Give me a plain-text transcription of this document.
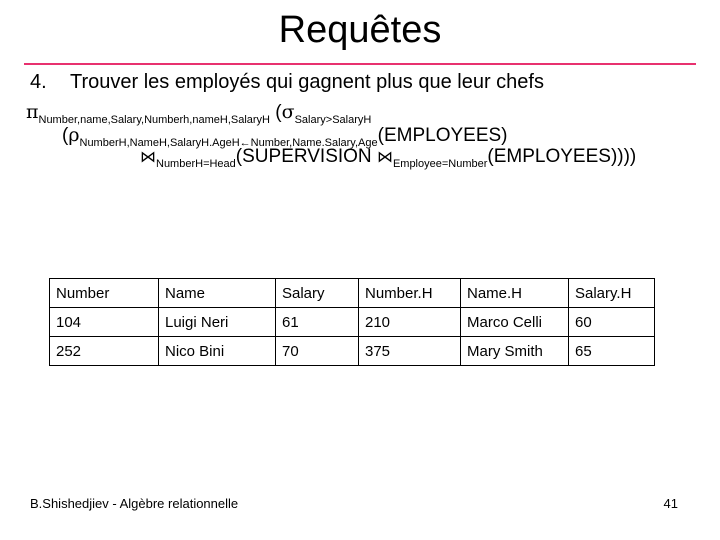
Requêtes
4. Trouver les employés qui gagnent plus que leur chefs
$\pi_{Number,name,Salary,Numberh,nameH,SalaryH}$ ($\sigma_{Salary>SalaryH}$
($\rho_{NumberH,NameH,SalaryH.AgeH\leftarrow Number,Name.Salary,Age}(EMPLOYEES)$
$⋈_{NumberH=Head}(SUPERVISION$ $⋈_{Employee=Number}(EMPLOYEES)$)))
Number	Name	Salary	Number.H	Name.H	Salary.H
104	Luigi Neri	61	210	Marco Celli	60
252	Nico Bini	70	375	Mary Smith	65
B.Shishedjiev - Algèbre relationnelle	41
